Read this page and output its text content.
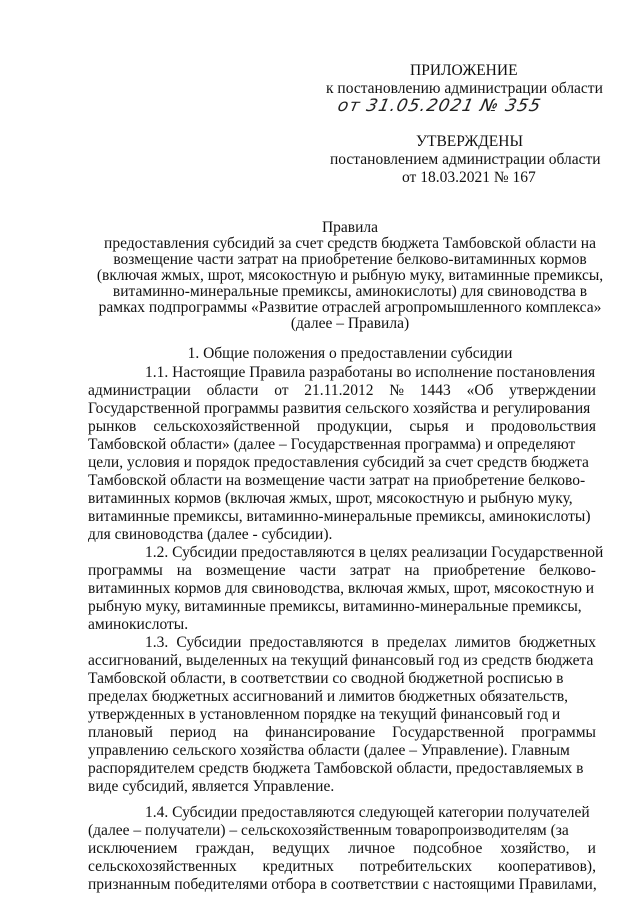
ПРИЛОЖЕНИЕ
к постановлению администрации области
от 31.05.2021 № 355
УТВЕРЖДЕНЫ
постановлением администрации области
от 18.03.2021 № 167
Правила
предоставления субсидий за счет средств бюджета Тамбовской области на
возмещение части затрат на приобретение белково-витаминных кормов
(включая жмых, шрот, мясокостную и рыбную муку, витаминные премиксы,
витаминно-минеральные премиксы, аминокислоты) для свиноводства в
рамках подпрограммы «Развитие отраслей агропромышленного комплекса»
(далее – Правила)
1. Общие положения о предоставлении субсидии
1.1. Настоящие Правила разработаны во исполнение постановления
администрации области от 21.11.2012 № 1443 «Об утверждении
Государственной программы развития сельского хозяйства и регулирования
рынков сельскохозяйственной продукции, сырья и продовольствия
Тамбовской области» (далее – Государственная программа) и определяют
цели, условия и порядок предоставления субсидий за счет средств бюджета
Тамбовской области на возмещение части затрат на приобретение белково-
витаминных кормов (включая жмых, шрот, мясокостную и рыбную муку,
витаминные премиксы, витаминно-минеральные премиксы, аминокислоты)
для свиноводства (далее - субсидии).
1.2. Субсидии предоставляются в целях реализации Государственной
программы на возмещение части затрат на приобретение белково-
витаминных кормов для свиноводства, включая жмых, шрот, мясокостную и
рыбную муку, витаминные премиксы, витаминно-минеральные премиксы,
аминокислоты.
1.3. Субсидии предоставляются в пределах лимитов бюджетных
ассигнований, выделенных на текущий финансовый год из средств бюджета
Тамбовской области, в соответствии со сводной бюджетной росписью в
пределах бюджетных ассигнований и лимитов бюджетных обязательств,
утвержденных в установленном порядке на текущий финансовый год и
плановый период на финансирование Государственной программы
управлению сельского хозяйства области (далее – Управление). Главным
распорядителем средств бюджета Тамбовской области, предоставляемых в
виде субсидий, является Управление.
1.4. Субсидии предоставляются следующей категории получателей
(далее – получатели) – сельскохозяйственным товаропроизводителям (за
исключением граждан, ведущих личное подсобное хозяйство, и
сельскохозяйственных кредитных потребительских кооперативов),
признанным победителями отбора в соответствии с настоящими Правилами,
